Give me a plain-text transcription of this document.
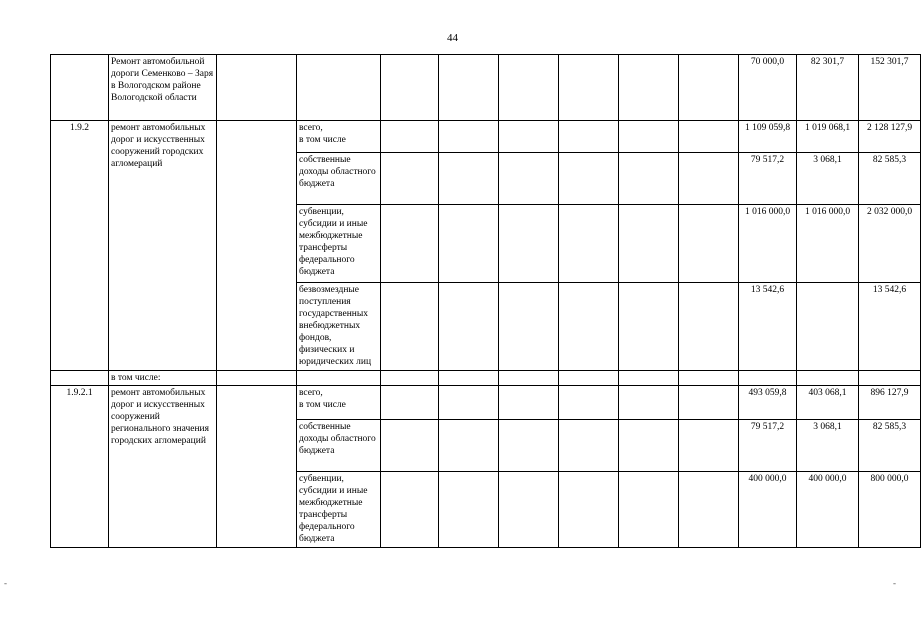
44
	Ремонт автомобильной дороги Семенково – Заря в Вологодском районе Вологодской области									70 000,0	82 301,7	152 301,7
1.9.2	ремонт автомобильных дорог и искусственных сооружений городских агломераций		всего,
в том числе							1 109 059,8	1 019 068,1	2 128 127,9
			собственные доходы областного бюджета							79 517,2	3 068,1	82 585,3
			субвенции, субсидии и иные межбюджетные трансферты федерального бюджета							1 016 000,0	1 016 000,0	2 032 000,0
			безвозмездные поступления государственных внебюджетных фондов, физических и юридических лиц							13 542,6		13 542,6
	в том числе:											
1.9.2.1	ремонт автомобильных дорог и искусственных сооружений регионального значения городских агломераций		всего,
в том числе							493 059,8	403 068,1	896 127,9
			собственные доходы областного бюджета							79 517,2	3 068,1	82 585,3
			субвенции, субсидии и иные межбюджетные трансферты федерального бюджета							400 000,0	400 000,0	800 000,0
-	-
